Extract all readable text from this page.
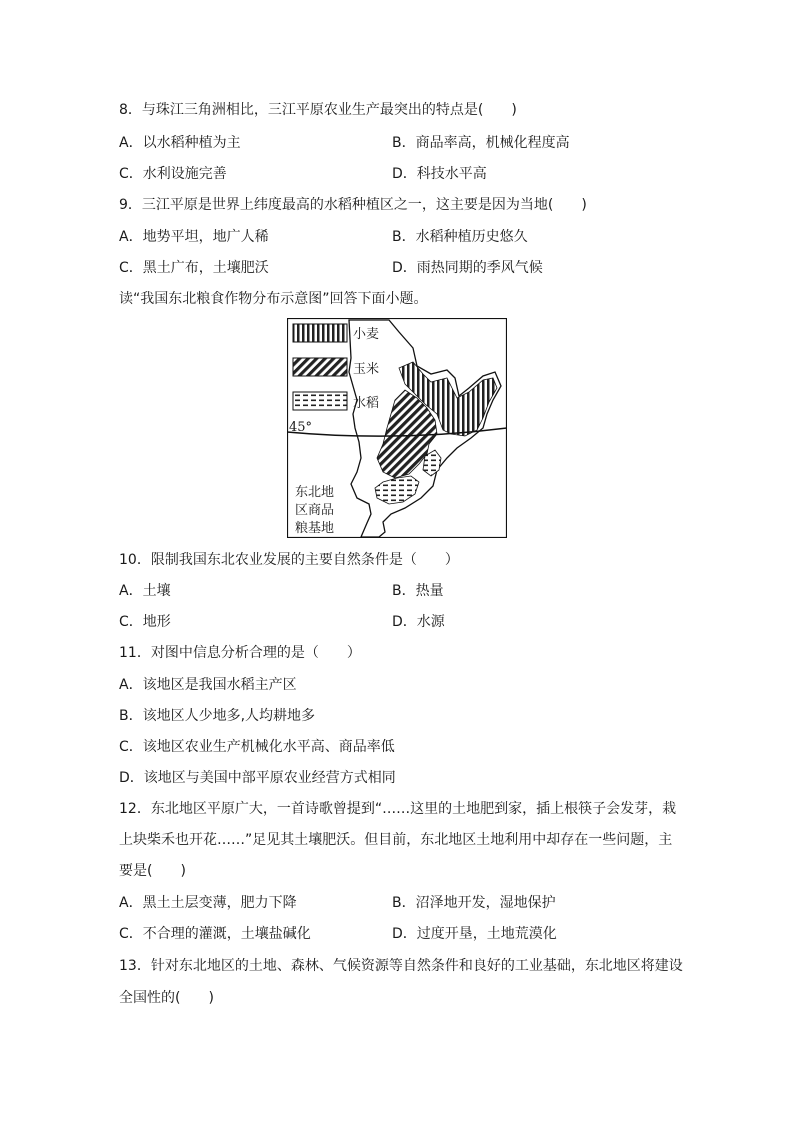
8．与珠江三角洲相比，三江平原农业生产最突出的特点是(　　)
A．以水稻种植为主	B．商品率高，机械化程度高
C．水利设施完善	D．科技水平高
9．三江平原是世界上纬度最高的水稻种植区之一，这主要是因为当地(　　)
A．地势平坦，地广人稀	B．水稻种植历史悠久
C．黑土广布，土壤肥沃	D．雨热同期的季风气候
读“我国东北粮食作物分布示意图”回答下面小题。
45°
小麦
玉米
水稻
东北地
区商品
粮基地
10．限制我国东北农业发展的主要自然条件是（　　）
A．土壤	B．热量
C．地形	D．水源
11．对图中信息分析合理的是（　　）
A．该地区是我国水稻主产区
B．该地区人少地多,人均耕地多
C．该地区农业生产机械化水平高、商品率低
D．该地区与美国中部平原农业经营方式相同
12．东北地区平原广大，一首诗歌曾提到“……这里的土地肥到家，插上根筷子会发芽，栽
上块柴禾也开花……”足见其土壤肥沃。但目前，东北地区土地利用中却存在一些问题，主
要是(　　)
A．黑土土层变薄，肥力下降	B．沼泽地开发，湿地保护
C．不合理的灌溉，土壤盐碱化	D．过度开垦，土地荒漠化
13．针对东北地区的土地、森林、气候资源等自然条件和良好的工业基础，东北地区将建设
全国性的(　　)
